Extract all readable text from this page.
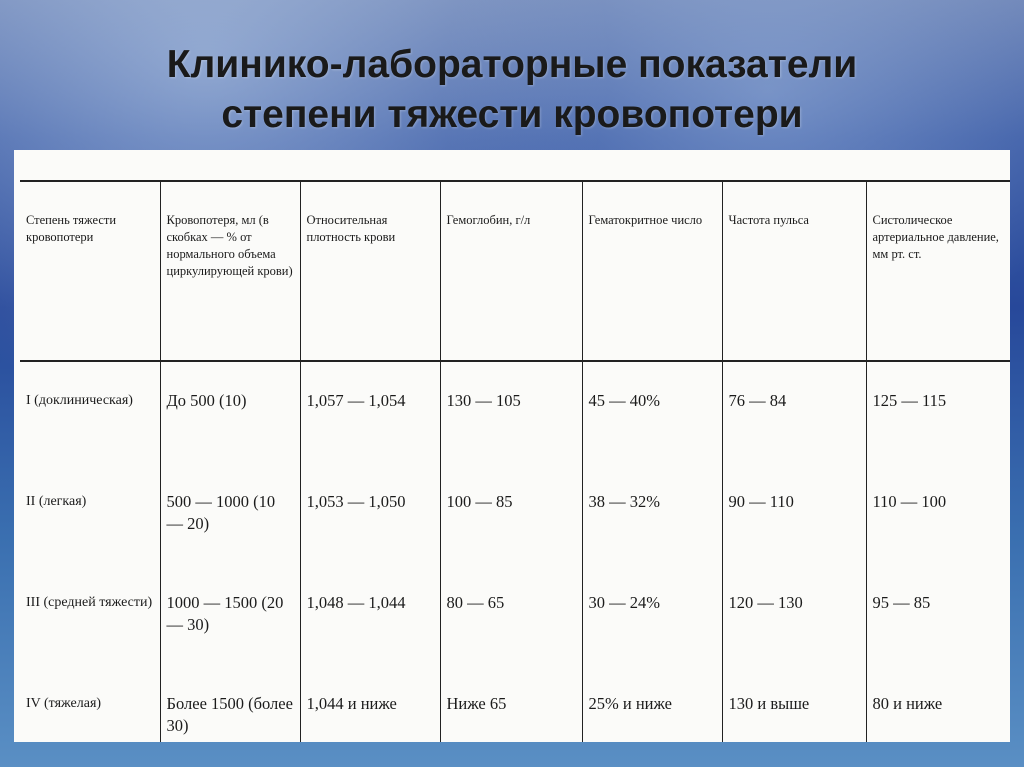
Клинико-лабораторные показатели
степени тяжести кровопотери
Степень тяжести кровопотери	Кровопотеря, мл (в скобках — % от нормального объема циркулирующей крови)	Относительная плотность крови	Гемоглобин, г/л	Гематокритное число	Частота пульса	Систолическое артериальное давление, мм рт. ст.
I (доклиническая)	До 500 (10)	1,057 — 1,054	130 — 105	45 — 40%	76 — 84	125 — 115
II (легкая)	500 — 1000 (10 — 20)	1,053 — 1,050	100 — 85	38 — 32%	90 — 110	110 — 100
III (средней тяжести)	1000 — 1500 (20 — 30)	1,048 — 1,044	80 — 65	30 — 24%	120 — 130	95 — 85
IV (тяжелая)	Более 1500 (более 30)	1,044 и ниже	Ниже 65	25% и ниже	130 и выше	80 и ниже
